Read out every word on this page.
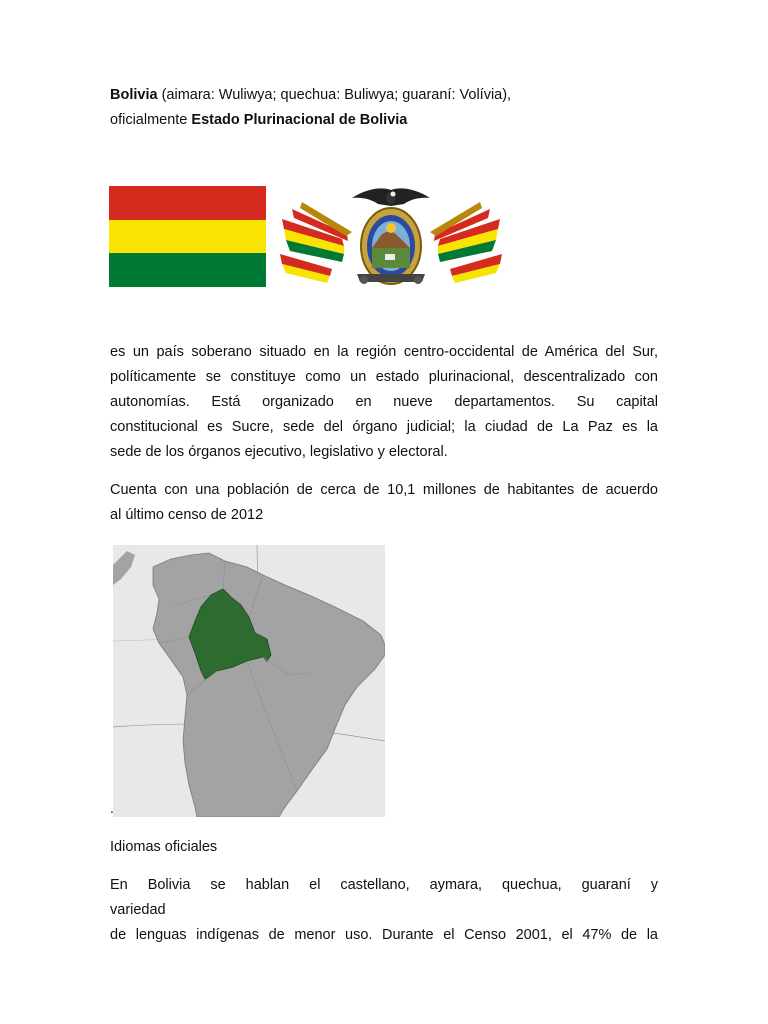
Bolivia (aimara: Wuliwya; quechua: Buliwya; guaraní: Volívia),
oficialmente Estado Plurinacional de Bolivia
es un país soberano situado en la región centro-occidental de América del Sur,
políticamente se constituye como un estado plurinacional, descentralizado con
autonomías. Está organizado en nueve departamentos. Su capital
constitucional es Sucre, sede del órgano judicial; la ciudad de La Paz es la
sede de los órganos ejecutivo, legislativo y electoral.
Cuenta con una población de cerca de 10,1 millones de habitantes de acuerdo
al último censo de 2012
.
Idiomas oficiales
En Bolivia se hablan el castellano, aymara, quechua, guaraní y variedad
de lenguas indígenas de menor uso. Durante el Censo 2001, el 47% de la
